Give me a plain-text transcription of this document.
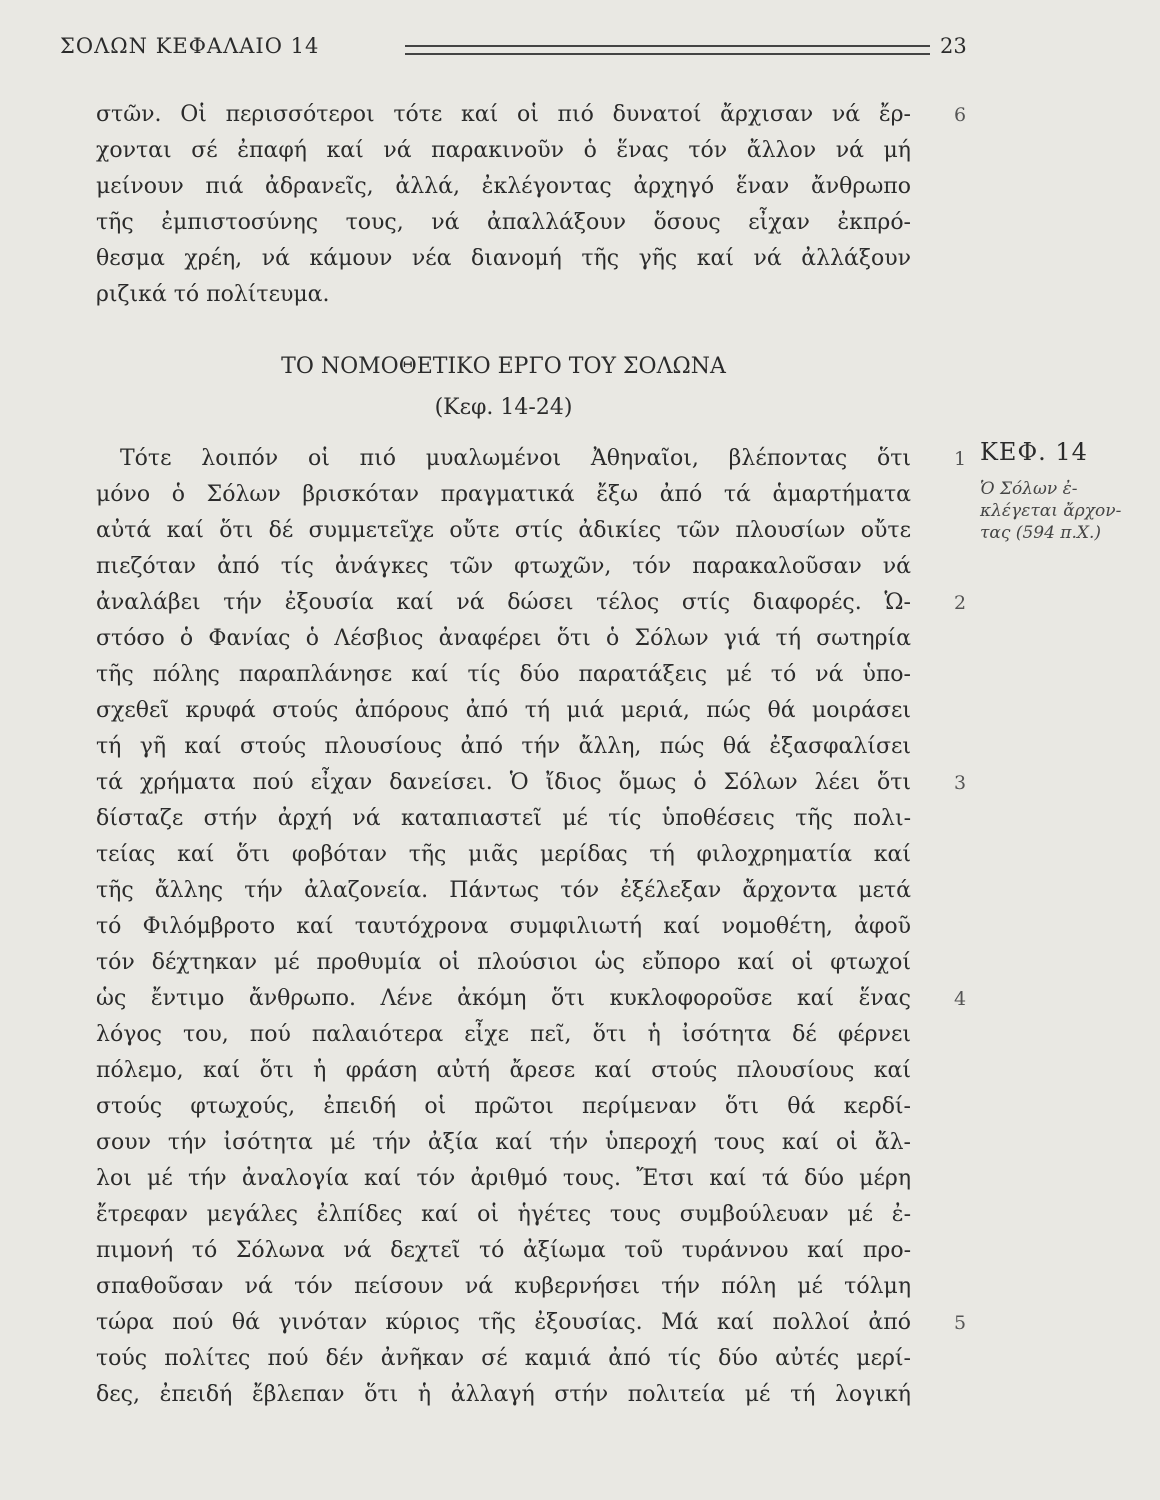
ΣΟΛΩΝ ΚΕΦΑΛΑΙΟ 14	23
στῶν. Οἱ περισσότεροι τότε καί οἱ πιό δυνατοί ἄρχισαν νά ἔρ-
χονται σέ ἐπαφή καί νά παρακινοῦν ὁ ἕνας τόν ἄλλον νά μή
μείνουν πιά ἀδρανεῖς, ἀλλά, ἐκλέγοντας ἀρχηγό ἕναν ἄνθρωπο
τῆς ἐμπιστοσύνης τους, νά ἀπαλλάξουν ὅσους εἶχαν ἐκπρό-
θεσμα χρέη, νά κάμουν νέα διανομή τῆς γῆς καί νά ἀλλάξουν
ριζικά τό πολίτευμα.
ΤΟ ΝΟΜΟΘΕΤΙΚΟ ΕΡΓΟ ΤΟΥ ΣΟΛΩΝΑ
(Κεφ. 14-24)
Τότε λοιπόν οἱ πιό μυαλωμένοι Ἀθηναῖοι, βλέποντας ὅτι
μόνο ὁ Σόλων βρισκόταν πραγματικά ἔξω ἀπό τά ἁμαρτήματα
αὐτά καί ὅτι δέ συμμετεῖχε οὔτε στίς ἀδικίες τῶν πλουσίων οὔτε
πιεζόταν ἀπό τίς ἀνάγκες τῶν φτωχῶν, τόν παρακαλοῦσαν νά
ἀναλάβει τήν ἐξουσία καί νά δώσει τέλος στίς διαφορές. Ὡ-
στόσο ὁ Φανίας ὁ Λέσβιος ἀναφέρει ὅτι ὁ Σόλων γιά τή σωτηρία
τῆς πόλης παραπλάνησε καί τίς δύο παρατάξεις μέ τό νά ὑπο-
σχεθεῖ κρυφά στούς ἀπόρους ἀπό τή μιά μεριά, πώς θά μοιράσει
τή γῆ καί στούς πλουσίους ἀπό τήν ἄλλη, πώς θά ἐξασφαλίσει
τά χρήματα πού εἶχαν δανείσει. Ὁ ἴδιος ὅμως ὁ Σόλων λέει ὅτι
δίσταζε στήν ἀρχή νά καταπιαστεῖ μέ τίς ὑποθέσεις τῆς πολι-
τείας καί ὅτι φοβόταν τῆς μιᾶς μερίδας τή φιλοχρηματία καί
τῆς ἄλλης τήν ἀλαζονεία. Πάντως τόν ἐξέλεξαν ἄρχοντα μετά
τό Φιλόμβροτο καί ταυτόχρονα συμφιλιωτή καί νομοθέτη, ἀφοῦ
τόν δέχτηκαν μέ προθυμία οἱ πλούσιοι ὡς εὔπορο καί οἱ φτωχοί
ὡς ἔντιμο ἄνθρωπο. Λένε ἀκόμη ὅτι κυκλοφοροῦσε καί ἕνας
λόγος του, πού παλαιότερα εἶχε πεῖ, ὅτι ἡ ἰσότητα δέ φέρνει
πόλεμο, καί ὅτι ἡ φράση αὐτή ἄρεσε καί στούς πλουσίους καί
στούς φτωχούς, ἐπειδή οἱ πρῶτοι περίμεναν ὅτι θά κερδί-
σουν τήν ἰσότητα μέ τήν ἀξία καί τήν ὑπεροχή τους καί οἱ ἄλ-
λοι μέ τήν ἀναλογία καί τόν ἀριθμό τους. Ἔτσι καί τά δύο μέρη
ἔτρεφαν μεγάλες ἐλπίδες καί οἱ ἡγέτες τους συμβούλευαν μέ ἐ-
πιμονή τό Σόλωνα νά δεχτεῖ τό ἀξίωμα τοῦ τυράννου καί προ-
σπαθοῦσαν νά τόν πείσουν νά κυβερνήσει τήν πόλη μέ τόλμη
τώρα πού θά γινόταν κύριος τῆς ἐξουσίας. Μά καί πολλοί ἀπό
τούς πολίτες πού δέν ἀνῆκαν σέ καμιά ἀπό τίς δύο αὐτές μερί-
δες, ἐπειδή ἔβλεπαν ὅτι ἡ ἀλλαγή στήν πολιτεία μέ τή λογική
6
1
2
3
4
5
ΚΕΦ. 14
Ὁ Σόλων ἐ-κλέγεται ἄρχον-τας (594 π.Χ.)
